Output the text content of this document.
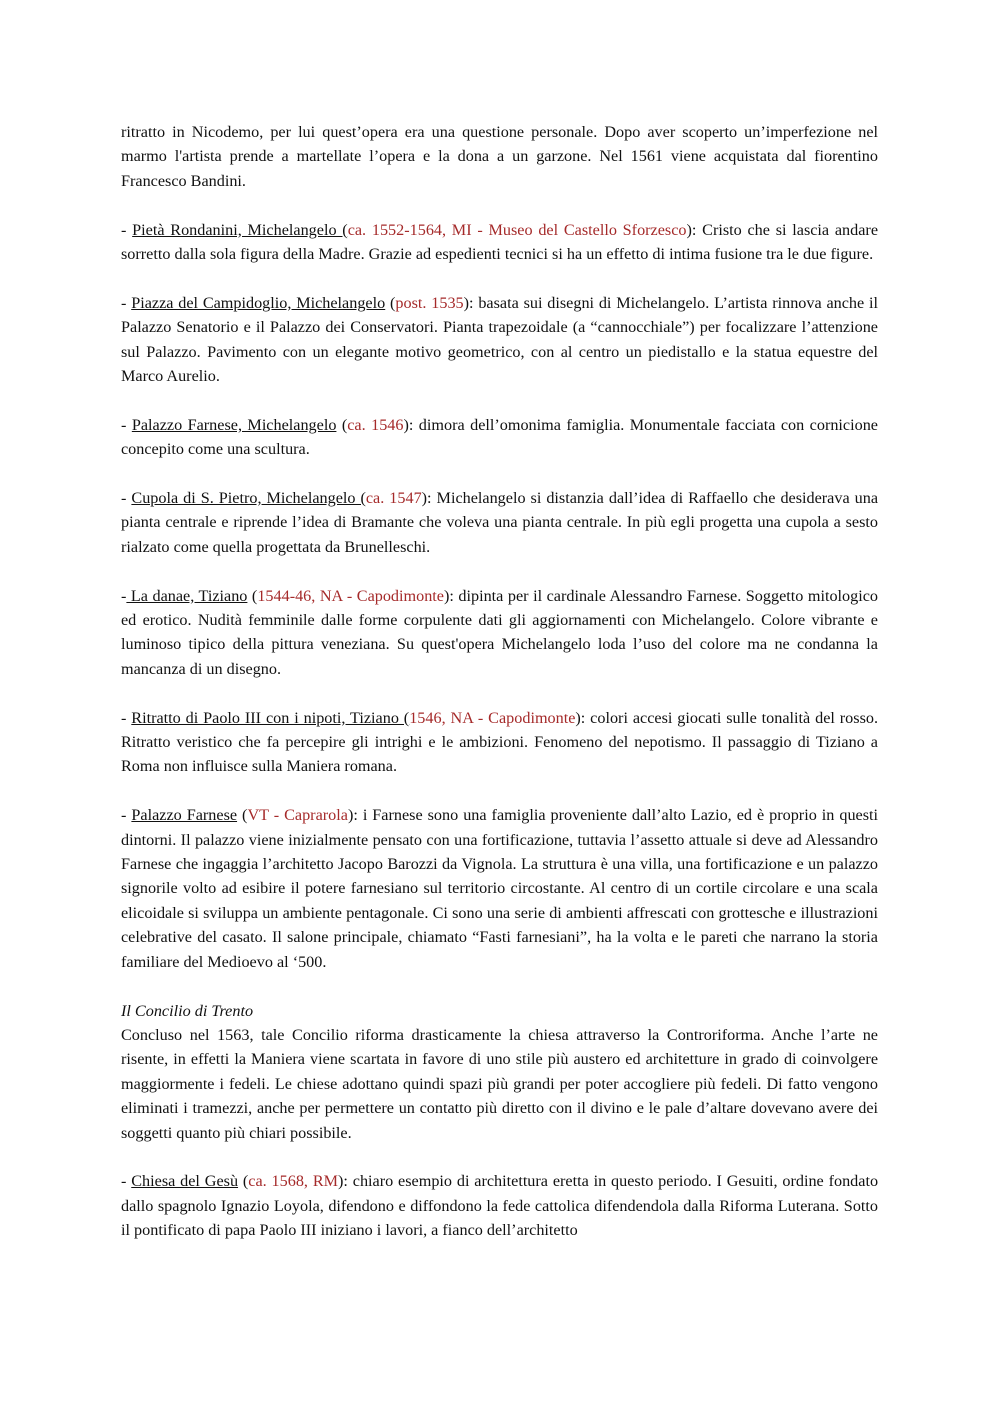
ritratto in Nicodemo, per lui quest’opera era una questione personale. Dopo aver scoperto un’imperfezione nel marmo l'artista prende a martellate l’opera e la dona a un garzone. Nel 1561 viene acquistata dal fiorentino Francesco Bandini.

- Pietà Rondanini, Michelangelo (ca. 1552-1564, MI - Museo del Castello Sforzesco): Cristo che si lascia andare sorretto dalla sola figura della Madre. Grazie ad espedienti tecnici si ha un effetto di intima fusione tra le due figure.

- Piazza del Campidoglio, Michelangelo (post. 1535): basata sui disegni di Michelangelo. L’artista rinnova anche il Palazzo Senatorio e il Palazzo dei Conservatori. Pianta trapezoidale (a “cannocchiale”) per focalizzare l’attenzione sul Palazzo. Pavimento con un elegante motivo geometrico, con al centro un piedistallo e la statua equestre del Marco Aurelio.

- Palazzo Farnese, Michelangelo (ca. 1546): dimora dell’omonima famiglia. Monumentale facciata con cornicione concepito come una scultura.

- Cupola di S. Pietro, Michelangelo (ca. 1547): Michelangelo si distanzia dall’idea di Raffaello che desiderava una pianta centrale e riprende l’idea di Bramante che voleva una pianta centrale. In più egli progetta una cupola a sesto rialzato come quella progettata da Brunelleschi.

- La danae, Tiziano (1544-46, NA - Capodimonte): dipinta per il cardinale Alessandro Farnese. Soggetto mitologico ed erotico. Nudità femminile dalle forme corpulente dati gli aggiornamenti con Michelangelo. Colore vibrante e luminoso tipico della pittura veneziana. Su quest'opera Michelangelo loda l’uso del colore ma ne condanna la mancanza di un disegno.

- Ritratto di Paolo III con i nipoti, Tiziano (1546, NA - Capodimonte): colori accesi giocati sulle tonalità del rosso. Ritratto veristico che fa percepire gli intrighi e le ambizioni. Fenomeno del nepotismo. Il passaggio di Tiziano a Roma non influisce sulla Maniera romana.

- Palazzo Farnese (VT - Caprarola): i Farnese sono una famiglia proveniente dall’alto Lazio, ed è proprio in questi dintorni. Il palazzo viene inizialmente pensato con una fortificazione, tuttavia l’assetto attuale si deve ad Alessandro Farnese che ingaggia l’architetto Jacopo Barozzi da Vignola. La struttura è una villa, una fortificazione e un palazzo signorile volto ad esibire il potere farnesiano sul territorio circostante. Al centro di un cortile circolare e una scala elicoidale si sviluppa un ambiente pentagonale. Ci sono una serie di ambienti affrescati con grottesche e illustrazioni celebrative del casato. Il salone principale, chiamato “Fasti farnesiani”, ha la volta e le pareti che narrano la storia familiare del Medioevo al ‘500.

Il Concilio di Trento

Concluso nel 1563, tale Concilio riforma drasticamente la chiesa attraverso la Controriforma. Anche l’arte ne risente, in effetti la Maniera viene scartata in favore di uno stile più austero ed architetture in grado di coinvolgere maggiormente i fedeli. Le chiese adottano quindi spazi più grandi per poter accogliere più fedeli. Di fatto vengono eliminati i tramezzi, anche per permettere un contatto più diretto con il divino e le pale d’altare dovevano avere dei soggetti quanto più chiari possibile.

- Chiesa del Gesù (ca. 1568, RM): chiaro esempio di architettura eretta in questo periodo. I Gesuiti, ordine fondato dallo spagnolo Ignazio Loyola, difendono e diffondono la fede cattolica difendendola dalla Riforma Luterana. Sotto il pontificato di papa Paolo III iniziano i lavori, a fianco dell’architetto
